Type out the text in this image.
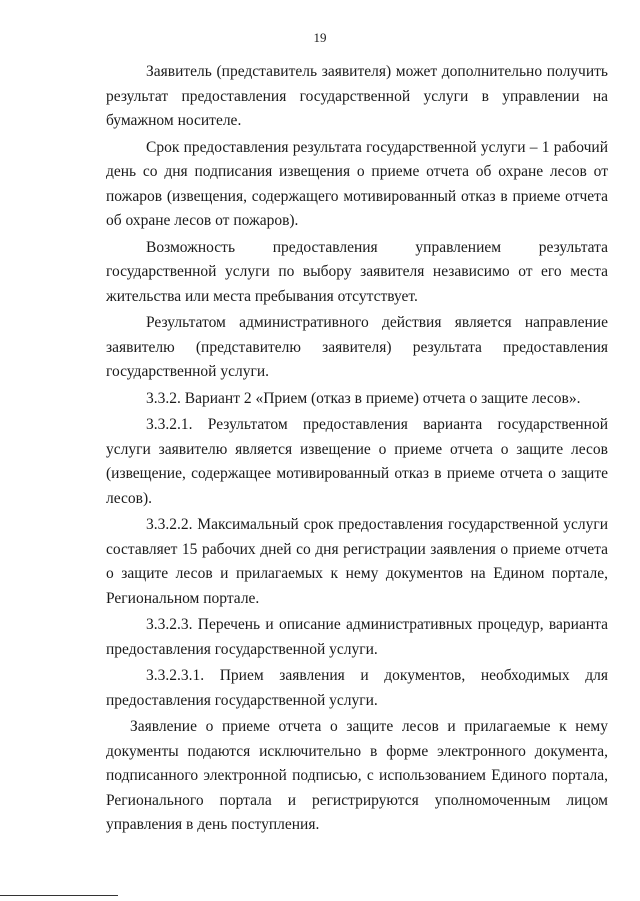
19

Заявитель (представитель заявителя) может дополнительно получить результат предоставления государственной услуги в управлении на бумажном носителе.

Срок предоставления результата государственной услуги – 1 рабочий день со дня подписания извещения о приеме отчета об охране лесов от пожаров (извещения, содержащего мотивированный отказ в приеме отчета об охране лесов от пожаров).

Возможность предоставления управлением результата государственной услуги по выбору заявителя независимо от его места жительства или места пребывания отсутствует.

Результатом административного действия является направление заявителю (представителю заявителя) результата предоставления государственной услуги.

3.3.2. Вариант 2 «Прием (отказ в приеме) отчета о защите лесов».

3.3.2.1. Результатом предоставления варианта государственной услуги заявителю является извещение о приеме отчета о защите лесов (извещение, содержащее мотивированный отказ в приеме отчета о защите лесов).

3.3.2.2. Максимальный срок предоставления государственной услуги составляет 15 рабочих дней со дня регистрации заявления о приеме отчета о защите лесов и прилагаемых к нему документов на Едином портале, Региональном портале.

3.3.2.3. Перечень и описание административных процедур, варианта предоставления государственной услуги.

3.3.2.3.1. Прием заявления и документов, необходимых для предоставления государственной услуги.

Заявление о приеме отчета о защите лесов и прилагаемые к нему документы подаются исключительно в форме электронного документа, подписанного электронной подписью, с использованием Единого портала, Регионального портала и регистрируются уполномоченным лицом управления в день поступления.
